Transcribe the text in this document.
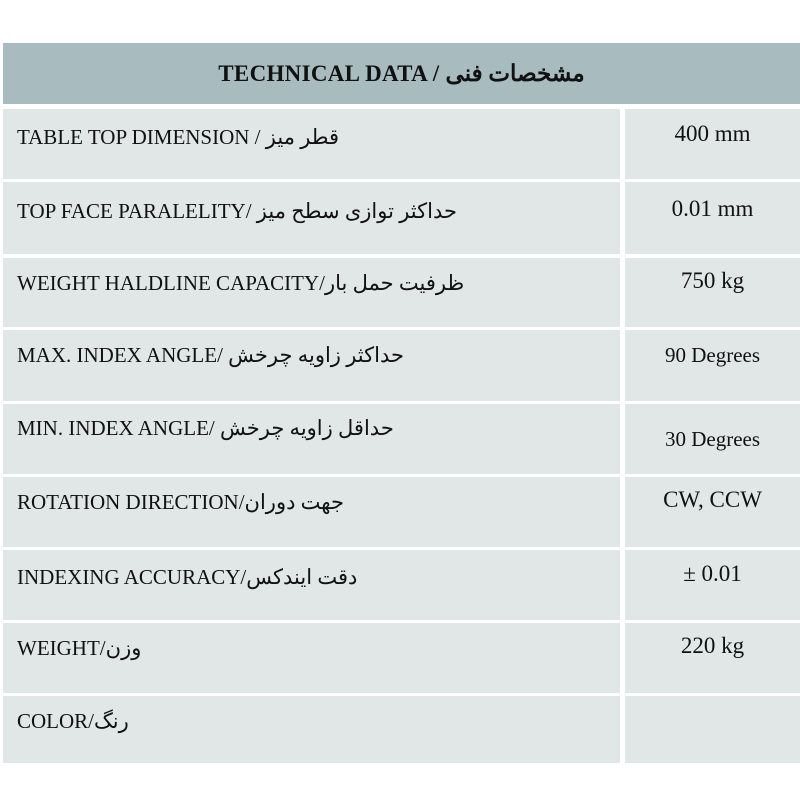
TECHNICAL DATA / مشخصات فنی
TABLE TOP DIMENSION / قطر میز	400 mm
TOP FACE PARALELITY/ حداکثر توازی سطح میز	0.01 mm
WEIGHT HALDLINE CAPACITY/ظرفیت حمل بار	750 kg
MAX. INDEX ANGLE/ حداکثر زاویه چرخش	90 Degrees
MIN. INDEX ANGLE/ حداقل زاویه چرخش	30 Degrees
ROTATION DIRECTION/جهت دوران	CW, CCW
INDEXING ACCURACY/دقت ایندکس	± 0.01
WEIGHT/وزن	220 kg
COLOR/رنگ
